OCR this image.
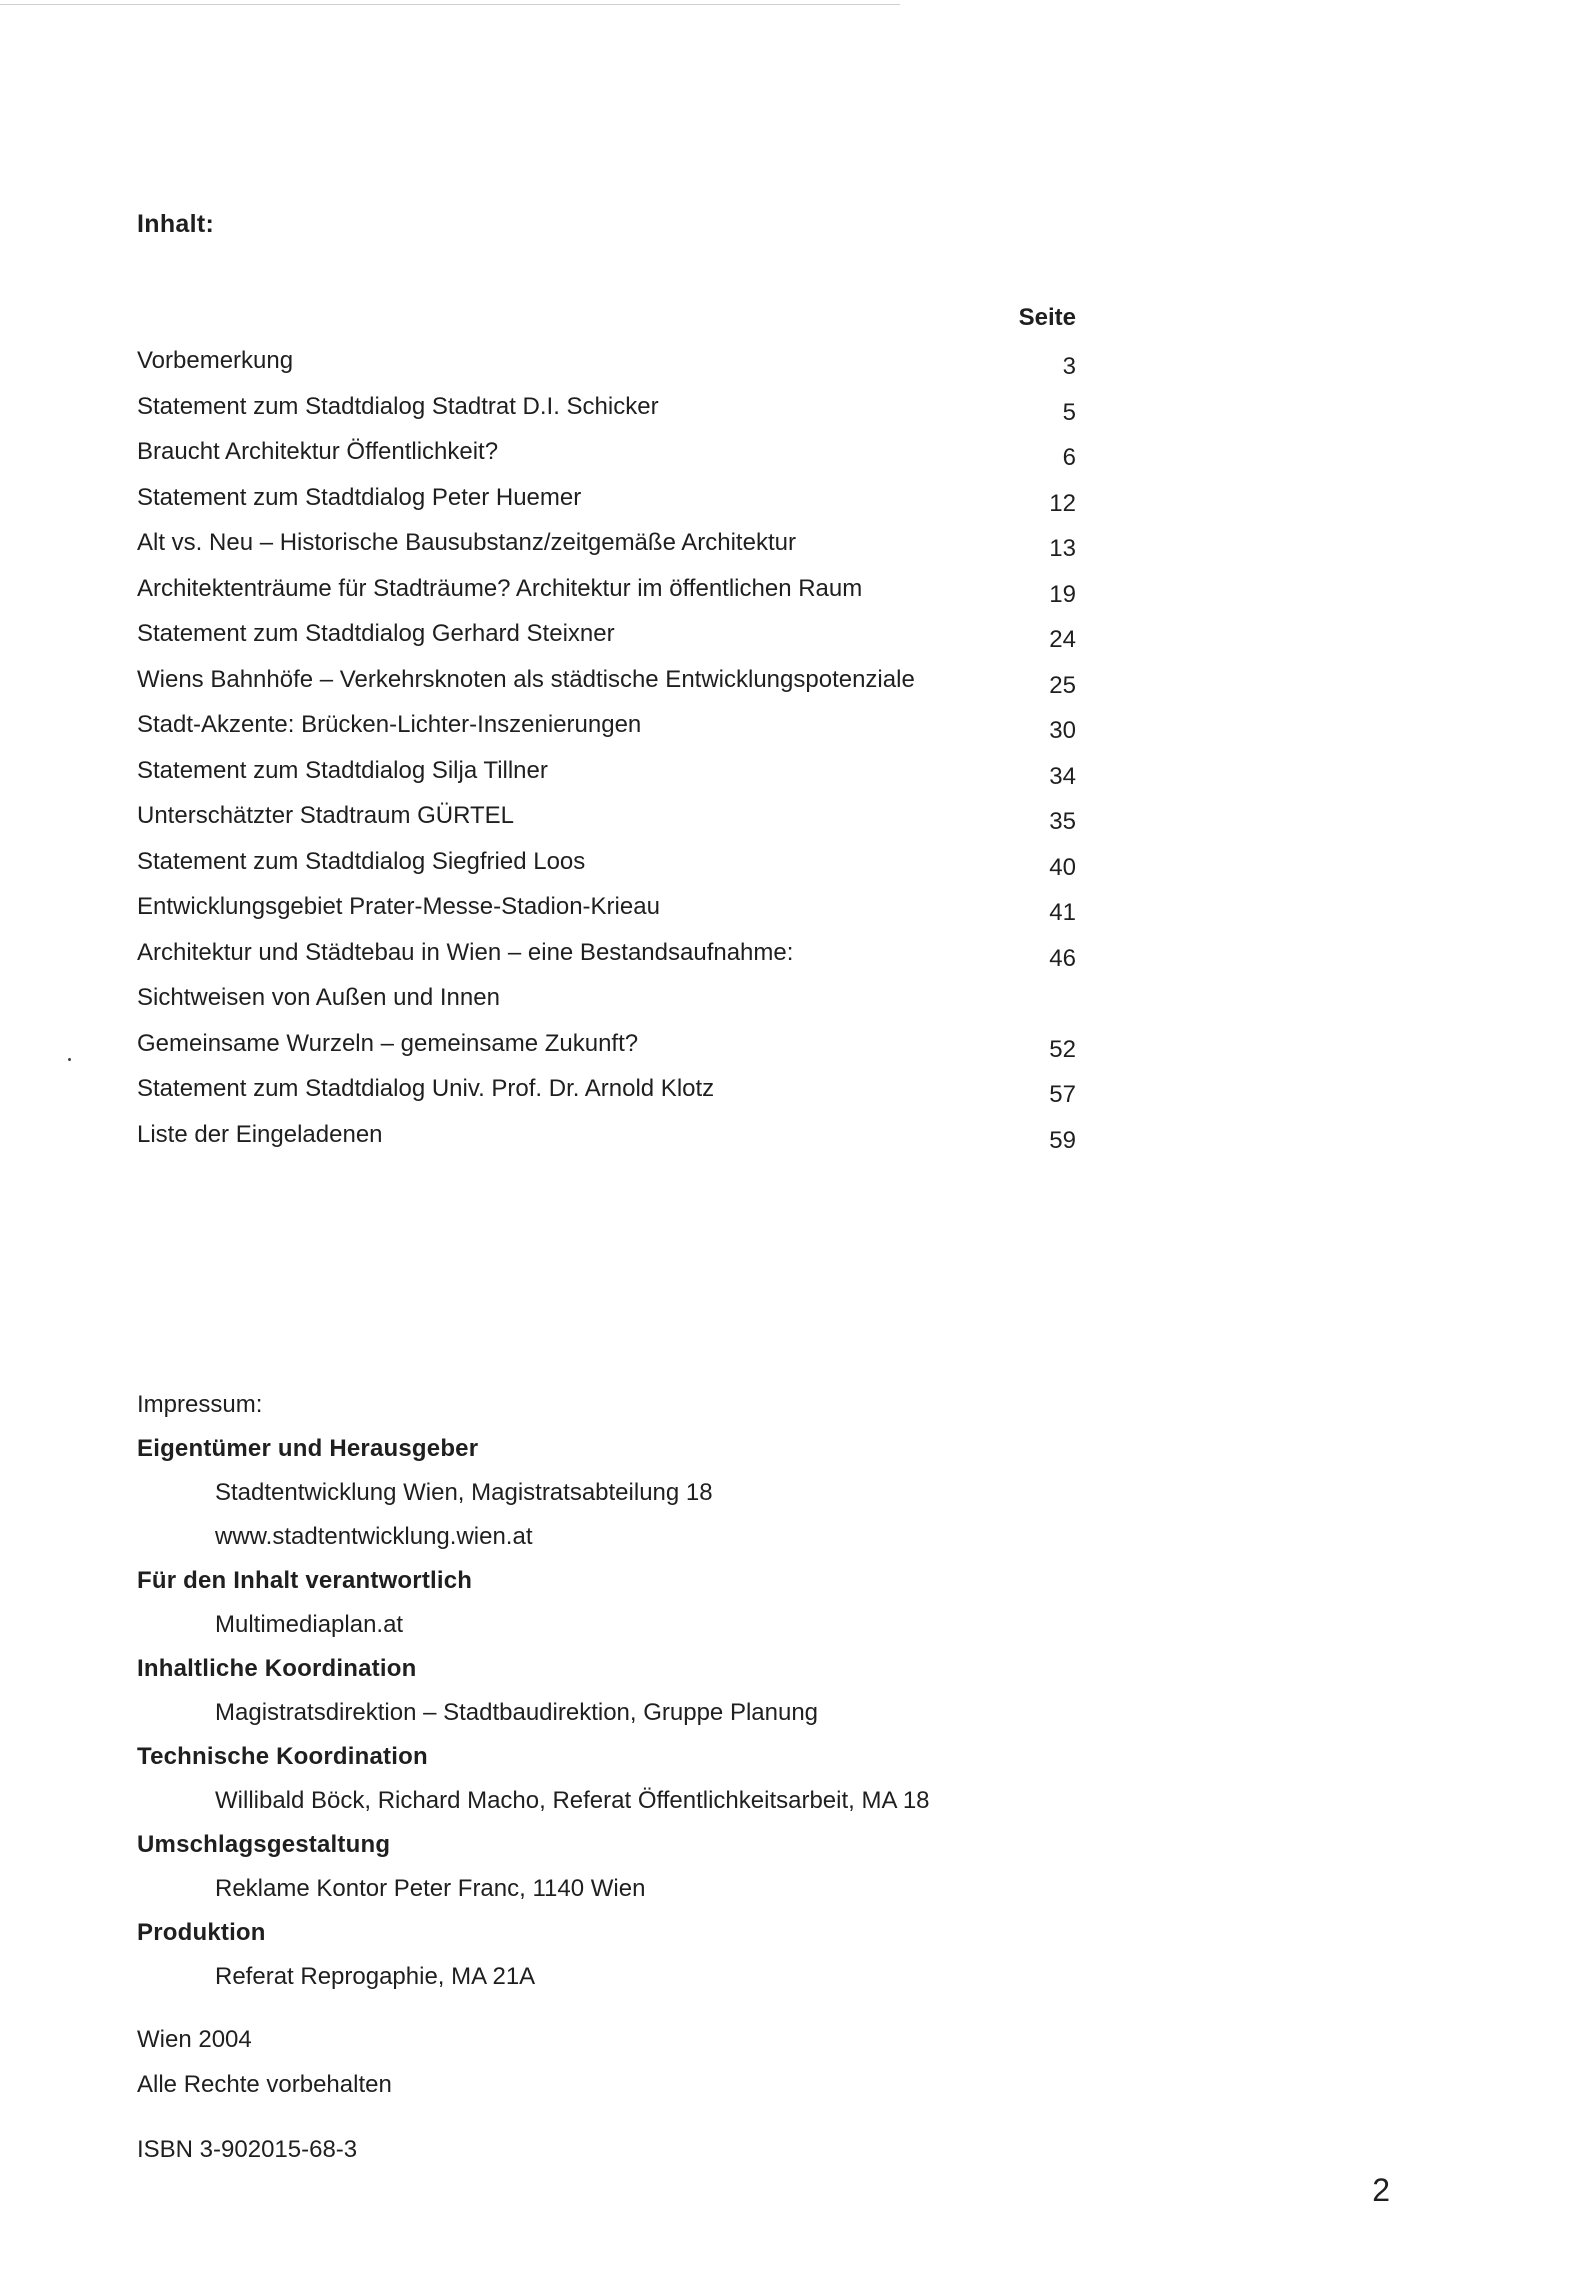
Inhalt:
Seite
Vorbemerkung	3
Statement zum Stadtdialog Stadtrat D.I. Schicker	5
Braucht Architektur Öffentlichkeit?	6
Statement zum Stadtdialog Peter Huemer	12
Alt vs. Neu – Historische Bausubstanz/zeitgemäße Architektur	13
Architektenträume für Stadträume? Architektur im öffentlichen Raum	19
Statement zum Stadtdialog Gerhard Steixner	24
Wiens Bahnhöfe – Verkehrsknoten als städtische Entwicklungspotenziale	25
Stadt-Akzente: Brücken-Lichter-Inszenierungen	30
Statement zum Stadtdialog Silja Tillner	34
Unterschätzter Stadtraum GÜRTEL	35
Statement zum Stadtdialog Siegfried Loos	40
Entwicklungsgebiet Prater-Messe-Stadion-Krieau	41
Architektur und Städtebau in Wien – eine Bestandsaufnahme:	46
Sichtweisen von Außen und Innen
Gemeinsame Wurzeln – gemeinsame Zukunft?	52
Statement zum Stadtdialog Univ. Prof. Dr. Arnold Klotz	57
Liste der Eingeladenen	59
Impressum:
Eigentümer und Herausgeber
Stadtentwicklung Wien, Magistratsabteilung 18
www.stadtentwicklung.wien.at
Für den Inhalt verantwortlich
Multimediaplan.at
Inhaltliche Koordination
Magistratsdirektion – Stadtbaudirektion, Gruppe Planung
Technische Koordination
Willibald Böck, Richard Macho, Referat Öffentlichkeitsarbeit, MA 18
Umschlagsgestaltung
Reklame Kontor Peter Franc, 1140 Wien
Produktion
Referat Reprogaphie, MA 21A
Wien 2004
Alle Rechte vorbehalten
ISBN 3-902015-68-3
2
